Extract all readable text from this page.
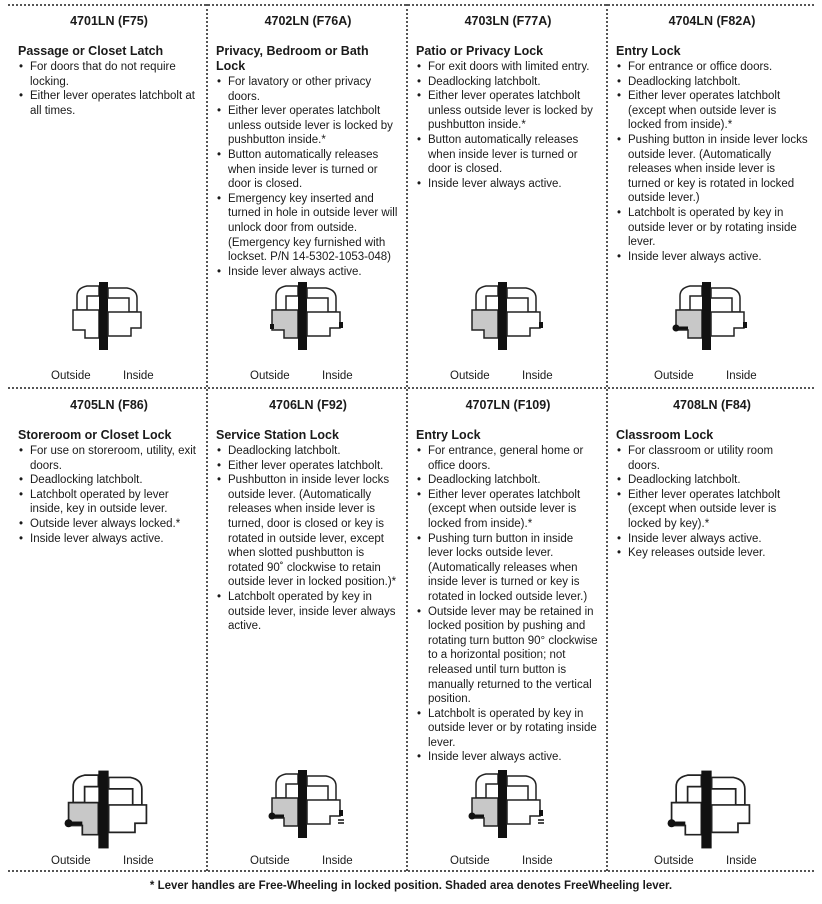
4701LN (F75)
Passage or Closet Latch
• For doors that do not require locking.
• Either lever operates latchbolt at all times.
Outside	Inside
4702LN (F76A)
Privacy, Bedroom or Bath Lock
• For lavatory or other privacy doors.
• Either lever operates latchbolt unless outside lever is locked by pushbutton inside.*
• Button automatically releases when inside lever is turned or door is closed.
• Emergency key inserted and turned in hole in outside lever will unlock door from outside. (Emergency key furnished with lockset. P/N 14-5302-1053-048)
• Inside lever always active.
Outside	Inside
4703LN (F77A)
Patio or Privacy Lock
• For exit doors with limited entry.
• Deadlocking latchbolt.
• Either lever operates latchbolt unless outside lever is locked by pushbutton inside.*
• Button automatically releases when inside lever is turned or door is closed.
• Inside lever always active.
Outside	Inside
4704LN (F82A)
Entry Lock
• For entrance or office doors.
• Deadlocking latchbolt.
• Either lever operates latchbolt (except when outside lever is locked from inside).*
• Pushing button in inside lever locks outside lever. (Automatically releases when inside lever is turned or key is rotated in locked outside lever.)
• Latchbolt is operated by key in outside lever or by rotating inside lever.
• Inside lever always active.
Outside	Inside
4705LN (F86)
Storeroom or Closet Lock
• For use on storeroom, utility, exit doors.
• Deadlocking latchbolt.
• Latchbolt operated by lever inside, key in outside lever.
• Outside lever always locked.*
• Inside lever always active.
Outside	Inside
4706LN (F92)
Service Station Lock
• Deadlocking latchbolt.
• Either lever operates latchbolt.
• Pushbutton in inside lever locks outside lever. (Automatically releases when inside lever is turned, door is closed or key is rotated in outside lever, except when slotted pushbutton is rotated 90˚ clockwise to retain outside lever in locked position.)*
• Latchbolt operated by key in outside lever, inside lever always active.
Outside	Inside
4707LN (F109)
Entry Lock
• For entrance, general home or office doors.
• Deadlocking latchbolt.
• Either lever operates latchbolt (except when outside lever is locked from inside).*
• Pushing turn button in inside lever locks outside lever. (Automatically releases when inside lever is turned or key is rotated in locked outside lever.)
• Outside lever may be retained in locked position by pushing and rotating turn button 90° clockwise to a horizontal position; not released until turn button is manually returned to the vertical position.
• Latchbolt is operated by key in outside lever or by rotating inside lever.
• Inside lever always active.
Outside	Inside
4708LN (F84)
Classroom Lock
• For classroom or utility room doors.
• Deadlocking latchbolt.
• Either lever operates latchbolt (except when outside lever is locked by key).*
• Inside lever always active.
• Key releases outside lever.
Outside	Inside
* Lever handles are Free-Wheeling in locked position. Shaded area denotes FreeWheeling lever.
